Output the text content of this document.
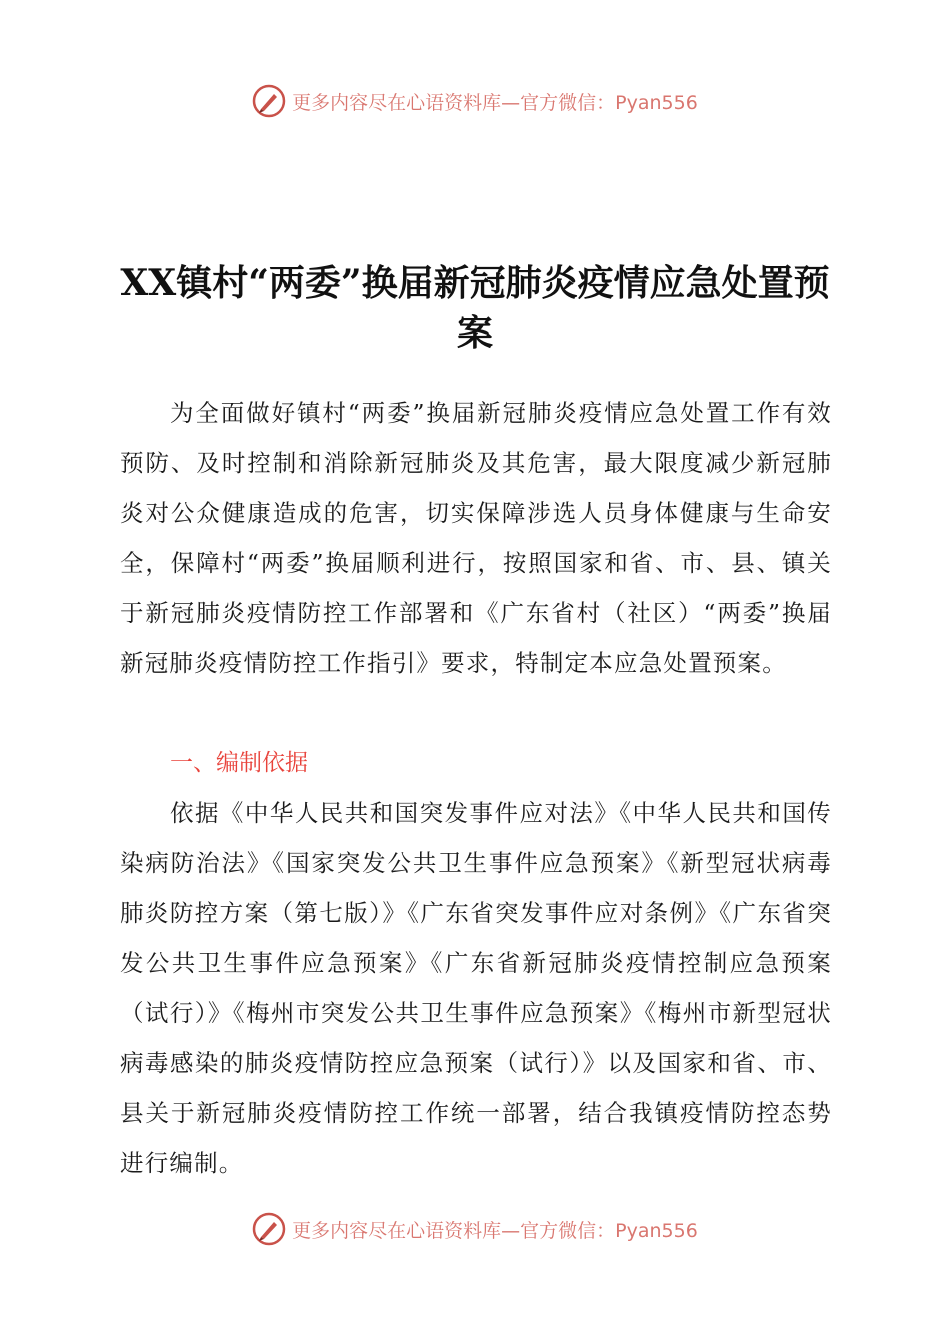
更多内容尽在心语资料库—官方微信：Pyan556
XX镇村“两委”换届新冠肺炎疫情应急处置预案

为全面做好镇村“两委”换届新冠肺炎疫情应急处置工作有效预防、及时控制和消除新冠肺炎及其危害，最大限度减少新冠肺炎对公众健康造成的危害，切实保障涉选人员身体健康与生命安全，保障村“两委”换届顺利进行，按照国家和省、市、县、镇关于新冠肺炎疫情防控工作部署和《广东省村（社区）“两委”换届新冠肺炎疫情防控工作指引》要求，特制定本应急处置预案。

一、编制依据

依据《中华人民共和国突发事件应对法》《中华人民共和国传染病防治法》《国家突发公共卫生事件应急预案》《新型冠状病毒肺炎防控方案（第七版）》《广东省突发事件应对条例》《广东省突发公共卫生事件应急预案》《广东省新冠肺炎疫情控制应急预案（试行）》《梅州市突发公共卫生事件应急预案》《梅州市新型冠状病毒感染的肺炎疫情防控应急预案（试行）》以及国家和省、市、县关于新冠肺炎疫情防控工作统一部署，结合我镇疫情防控态势进行编制。

更多内容尽在心语资料库—官方微信：Pyan556
